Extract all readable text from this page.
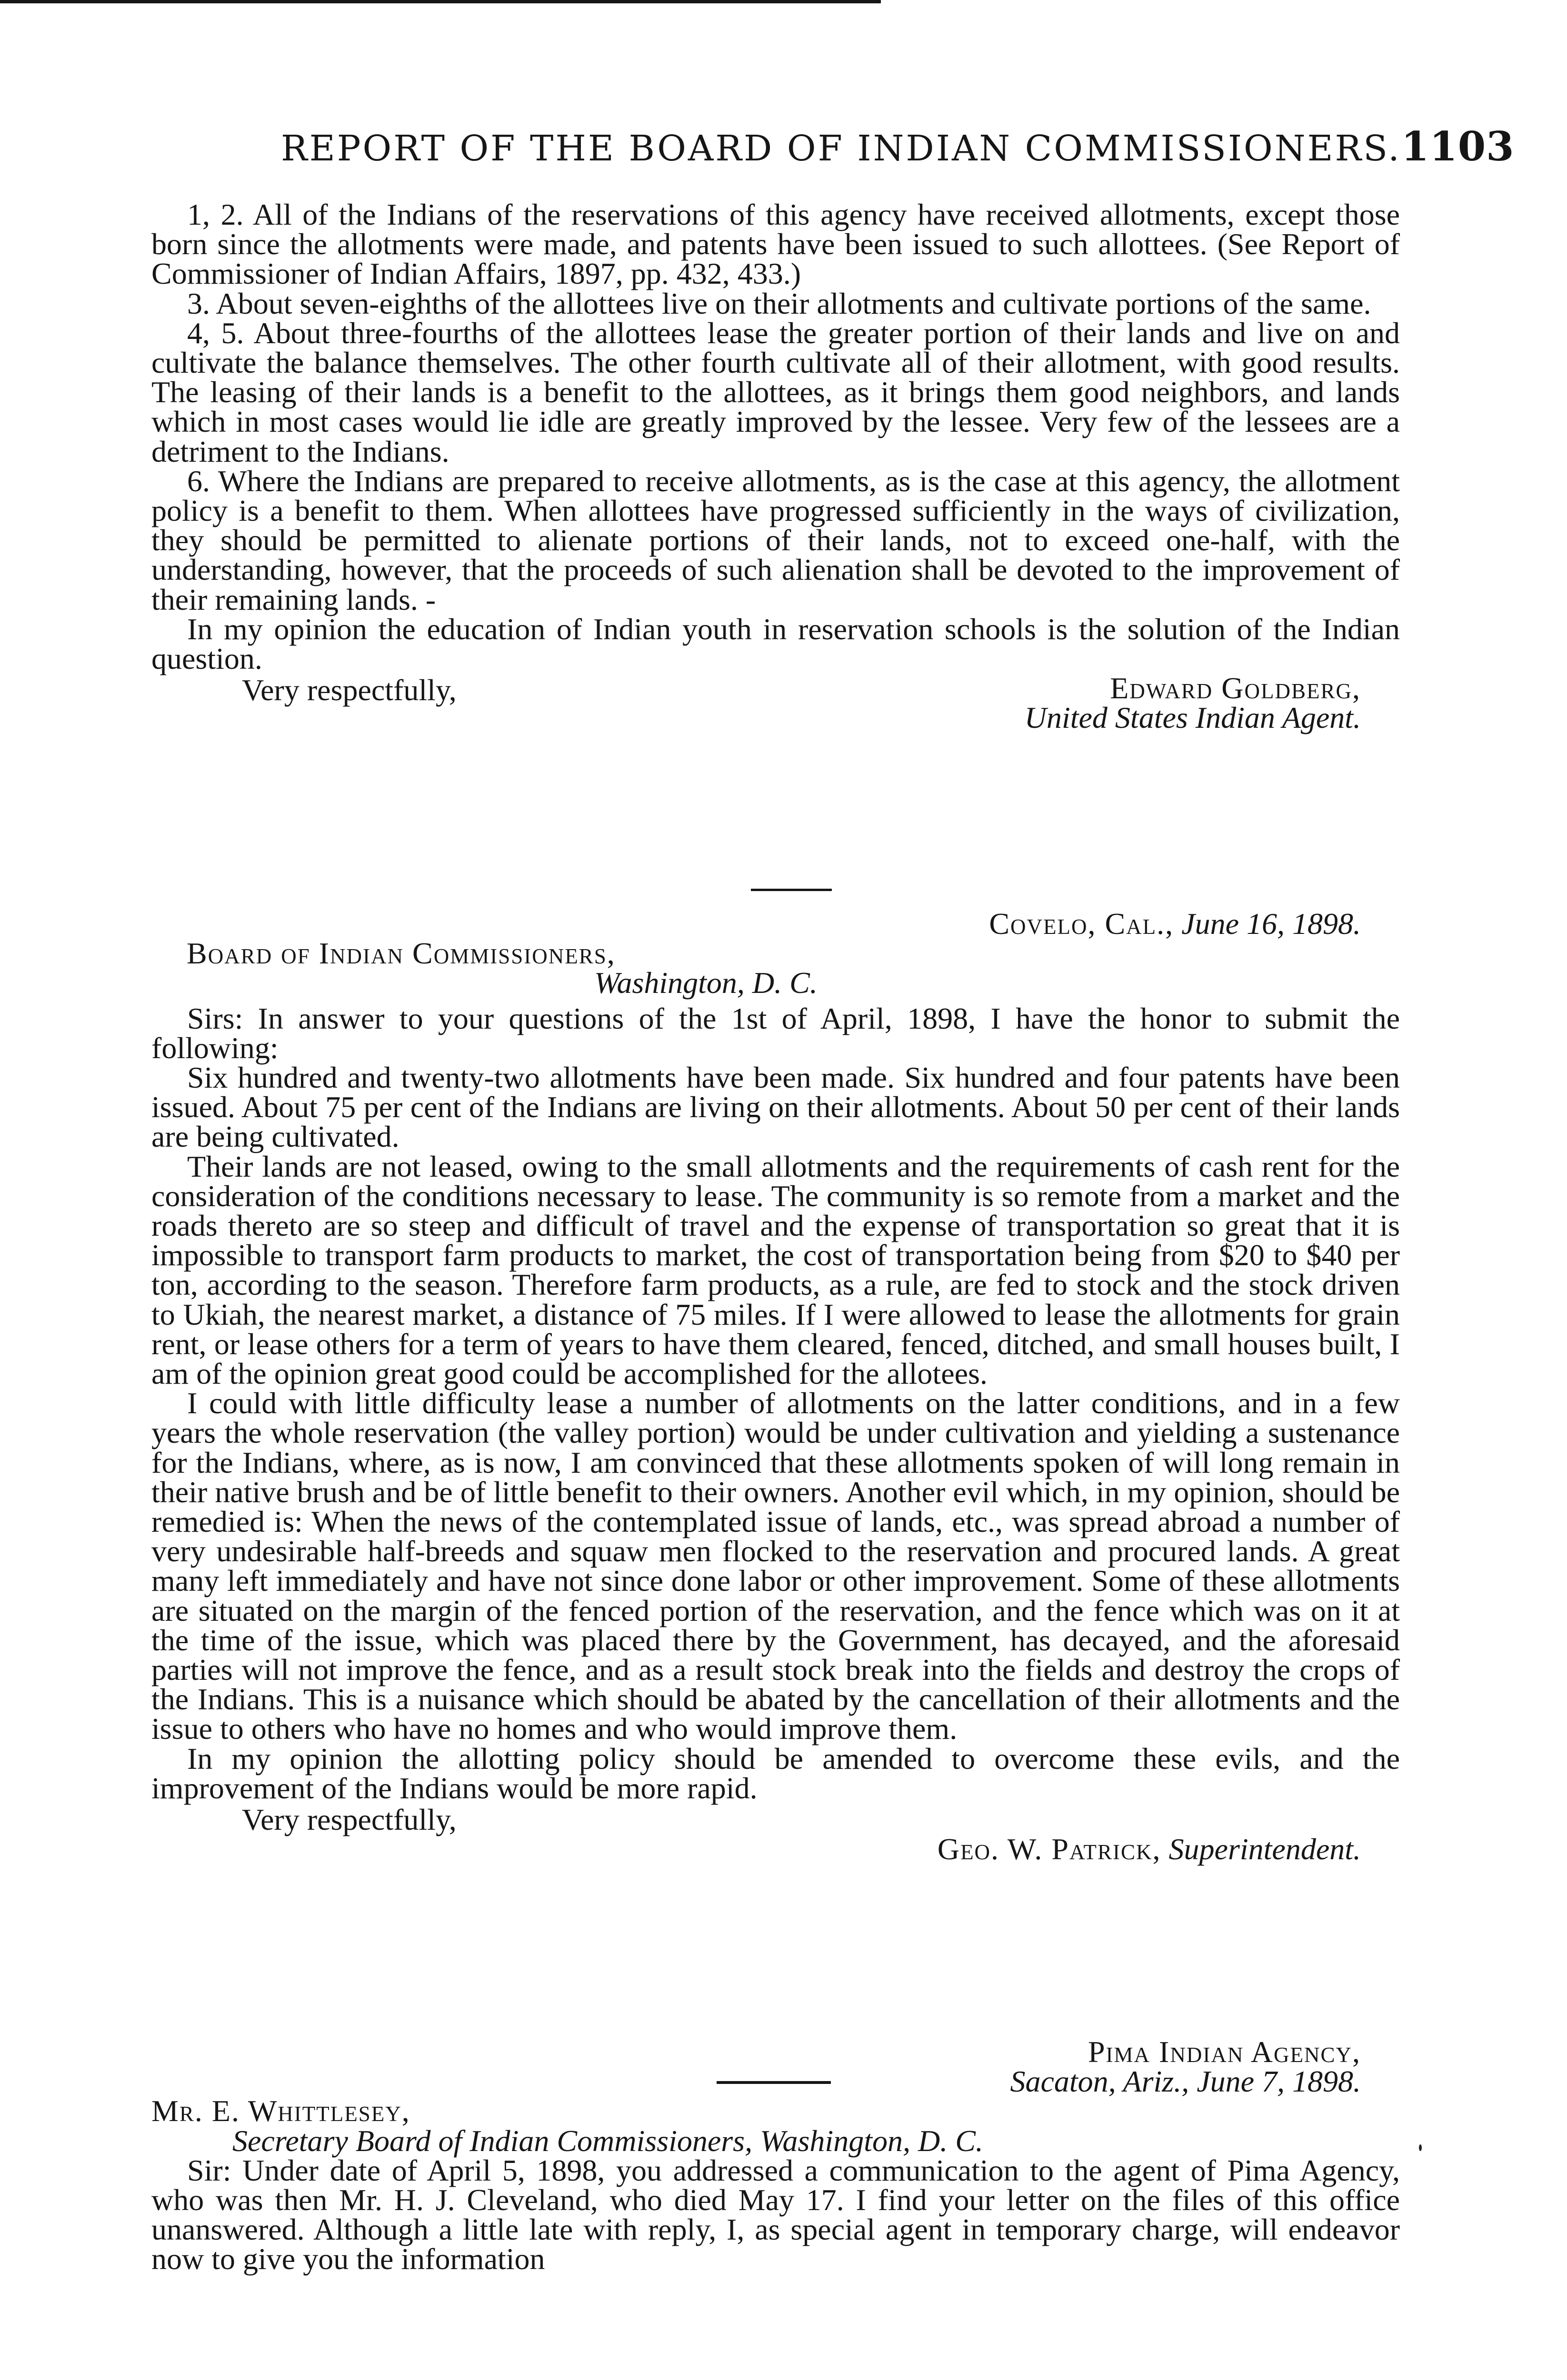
REPORT OF THE BOARD OF INDIAN COMMISSIONERS. 1103
1, 2. All of the Indians of the reservations of this agency have received allotments, except those born since the allotments were made, and patents have been issued to such allottees. (See Report of Commissioner of Indian Affairs, 1897, pp. 432, 433.)
3. About seven-eighths of the allottees live on their allotments and cultivate portions of the same.
4, 5. About three-fourths of the allottees lease the greater portion of their lands and live on and cultivate the balance themselves. The other fourth cultivate all of their allotment, with good results. The leasing of their lands is a benefit to the allottees, as it brings them good neighbors, and lands which in most cases would lie idle are greatly improved by the lessee. Very few of the lessees are a detriment to the Indians.
6. Where the Indians are prepared to receive allotments, as is the case at this agency, the allotment policy is a benefit to them. When allottees have progressed sufficiently in the ways of civilization, they should be permitted to alienate portions of their lands, not to exceed one-half, with the understanding, however, that the proceeds of such alienation shall be devoted to the improvement of their remaining lands. -
In my opinion the education of Indian youth in reservation schools is the solution of the Indian question.
Very respectfully,	Edward Goldberg,
United States Indian Agent.
Covelo, Cal., June 16, 1898.
Board of Indian Commissioners,
Washington, D. C.
Sirs: In answer to your questions of the 1st of April, 1898, I have the honor to submit the following:
Six hundred and twenty-two allotments have been made. Six hundred and four patents have been issued. About 75 per cent of the Indians are living on their allotments. About 50 per cent of their lands are being cultivated.
Their lands are not leased, owing to the small allotments and the requirements of cash rent for the consideration of the conditions necessary to lease. The community is so remote from a market and the roads thereto are so steep and difficult of travel and the expense of transportation so great that it is impossible to transport farm products to market, the cost of transportation being from $20 to $40 per ton, according to the season. Therefore farm products, as a rule, are fed to stock and the stock driven to Ukiah, the nearest market, a distance of 75 miles. If I were allowed to lease the allotments for grain rent, or lease others for a term of years to have them cleared, fenced, ditched, and small houses built, I am of the opinion great good could be accomplished for the allotees.
I could with little difficulty lease a number of allotments on the latter conditions, and in a few years the whole reservation (the valley portion) would be under cultivation and yielding a sustenance for the Indians, where, as is now, I am convinced that these allotments spoken of will long remain in their native brush and be of little benefit to their owners. Another evil which, in my opinion, should be remedied is: When the news of the contemplated issue of lands, etc., was spread abroad a number of very undesirable half-breeds and squaw men flocked to the reservation and procured lands. A great many left immediately and have not since done labor or other improvement. Some of these allotments are situated on the margin of the fenced portion of the reservation, and the fence which was on it at the time of the issue, which was placed there by the Government, has decayed, and the aforesaid parties will not improve the fence, and as a result stock break into the fields and destroy the crops of the Indians. This is a nuisance which should be abated by the cancellation of their allotments and the issue to others who have no homes and who would improve them.
In my opinion the allotting policy should be amended to overcome these evils, and the improvement of the Indians would be more rapid.
Very respectfully,
Geo. W. Patrick, Superintendent.
Pima Indian Agency,
Sacaton, Ariz., June 7, 1898.
Mr. E. Whittlesey,
Secretary Board of Indian Commissioners, Washington, D. C.
Sir: Under date of April 5, 1898, you addressed a communication to the agent of Pima Agency, who was then Mr. H. J. Cleveland, who died May 17. I find your letter on the files of this office unanswered. Although a little late with reply, I, as special agent in temporary charge, will endeavor now to give you the information
